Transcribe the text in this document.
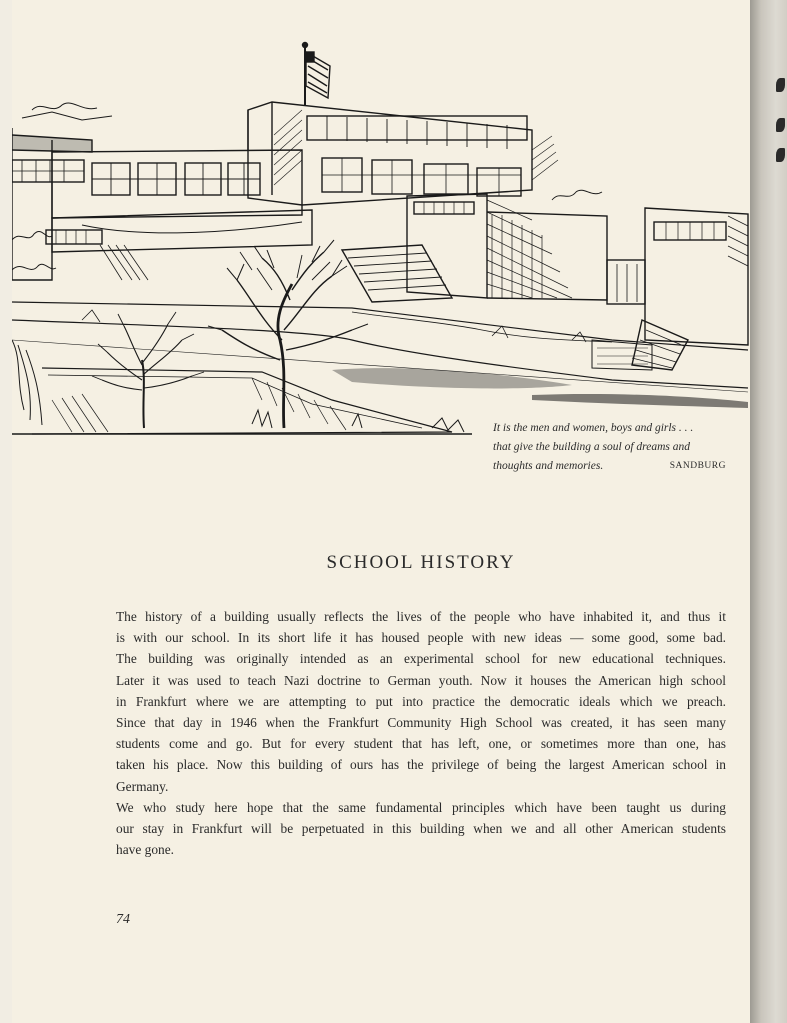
It is the men and women, boys and girls . . .
that give the building a soul of dreams and
thoughts and memories.	SANDBURG
SCHOOL HISTORY
The history of a building usually reflects the lives of the people who have inhabited it, and thus it
is with our school. In its short life it has housed people with new ideas — some good, some bad.
The building was originally intended as an experimental school for new educational techniques.
Later it was used to teach Nazi doctrine to German youth. Now it houses the American high school
in Frankfurt where we are attempting to put into practice the democratic ideals which we preach.
Since that day in 1946 when the Frankfurt Community High School was created, it has seen many
students come and go. But for every student that has left, one, or sometimes more than one, has
taken his place. Now this building of ours has the privilege of being the largest American school in
Germany.
We who study here hope that the same fundamental principles which have been taught us during
our stay in Frankfurt will be perpetuated in this building when we and all other American students
have gone.
74
